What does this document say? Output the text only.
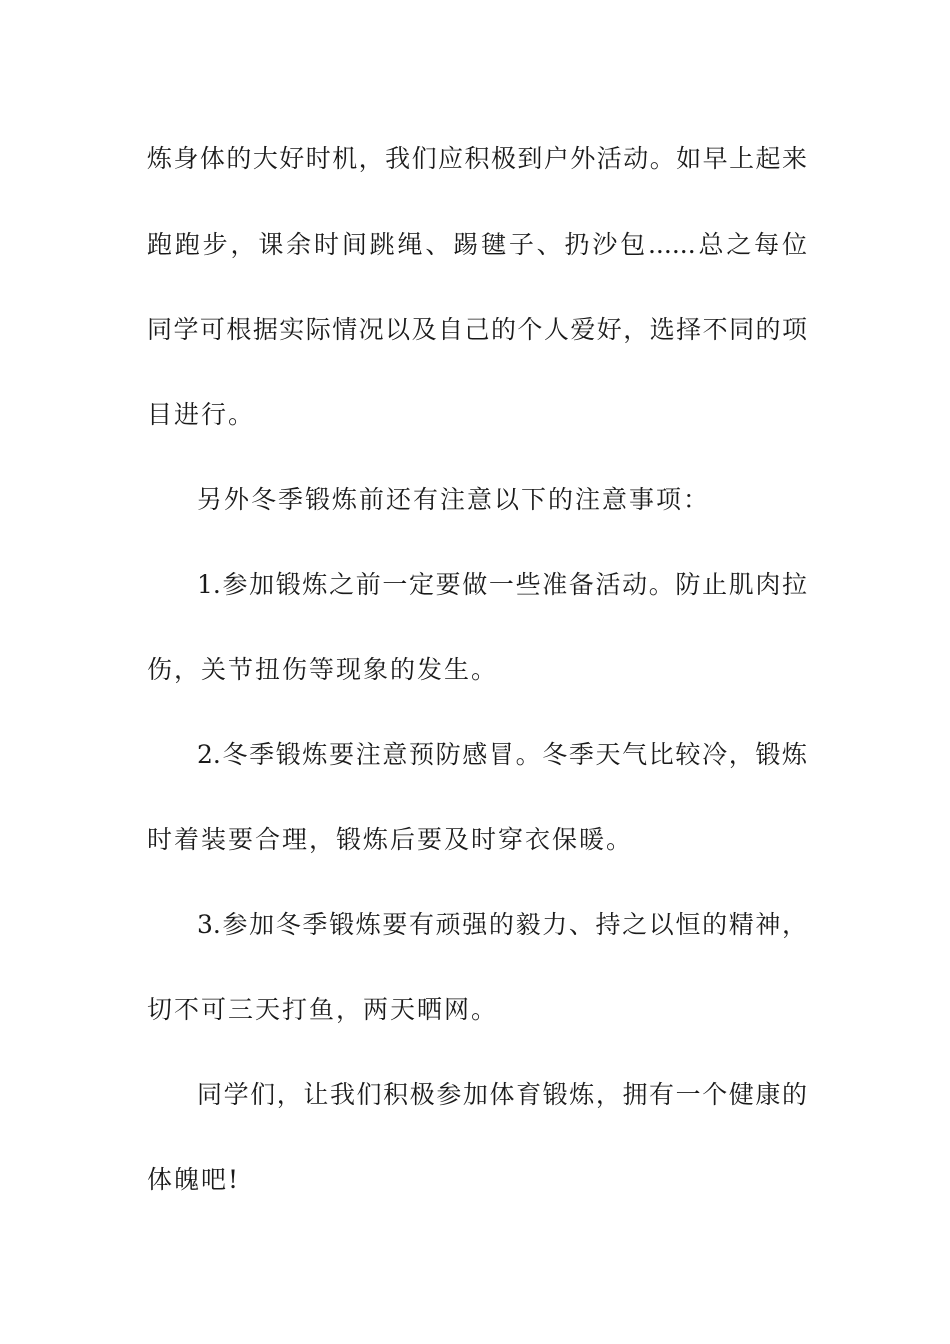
炼身体的大好时机，我们应积极到户外活动。如早上起来
跑跑步，课余时间跳绳、踢毽子、扔沙包......总之每位
同学可根据实际情况以及自己的个人爱好，选择不同的项
目进行。
另外冬季锻炼前还有注意以下的注意事项：
1.参加锻炼之前一定要做一些准备活动。防止肌肉拉
伤，关节扭伤等现象的发生。
2.冬季锻炼要注意预防感冒。冬季天气比较冷，锻炼
时着装要合理，锻炼后要及时穿衣保暖。
3.参加冬季锻炼要有顽强的毅力、持之以恒的精神，
切不可三天打鱼，两天晒网。
同学们，让我们积极参加体育锻炼，拥有一个健康的
体魄吧!
